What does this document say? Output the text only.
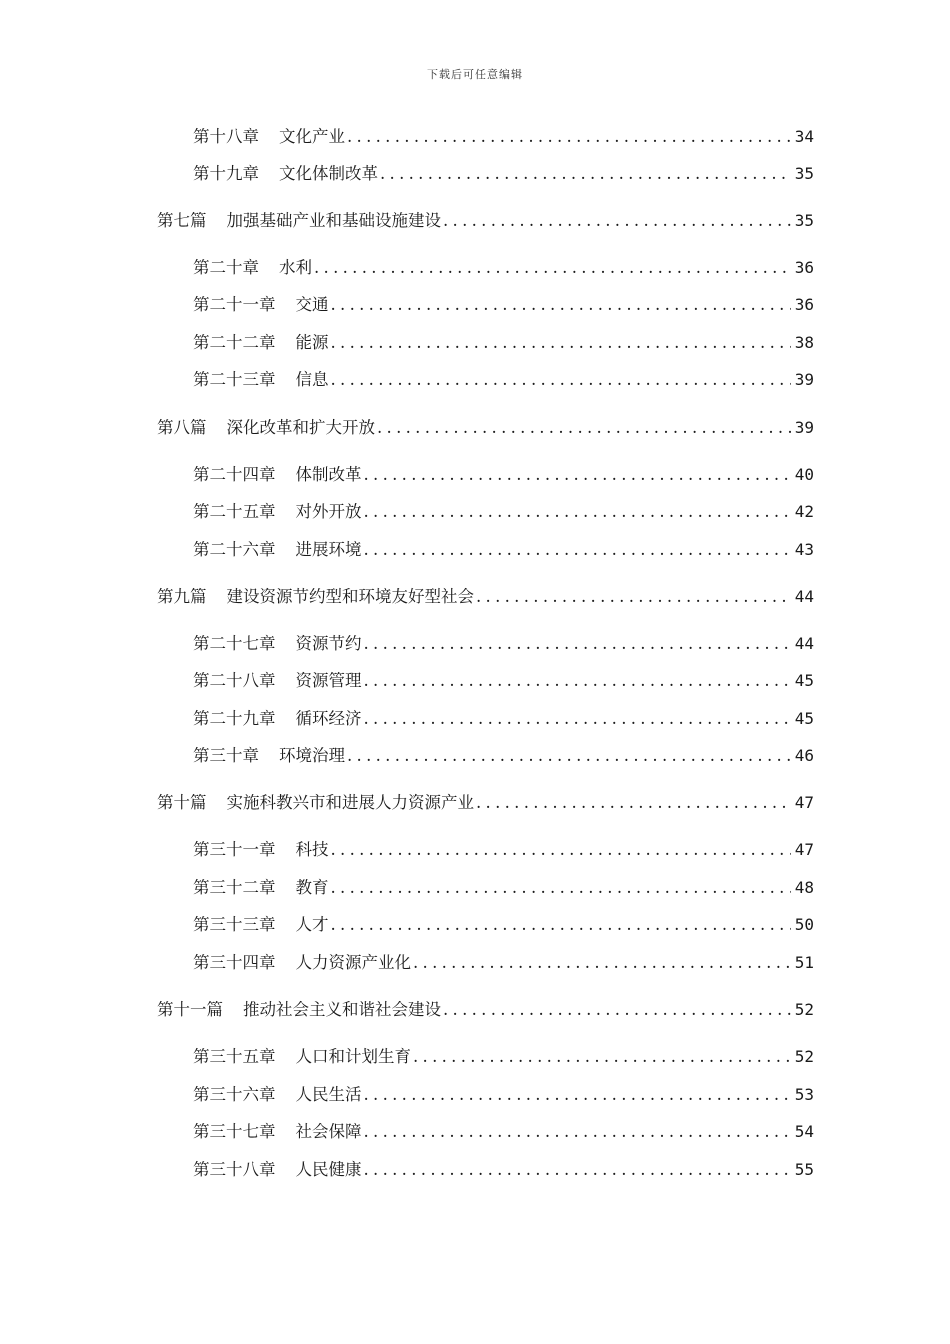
下载后可任意编辑
第十八章 文化产业 .....	34
第十九章 文化体制改革 .....	35
第七篇 加强基础产业和基础设施建设 .....	35
第二十章 水利 .....	36
第二十一章 交通 .....	36
第二十二章 能源 .....	38
第二十三章 信息 .....	39
第八篇 深化改革和扩大开放 .....	39
第二十四章 体制改革 .....	40
第二十五章 对外开放 .....	42
第二十六章 进展环境 .....	43
第九篇 建设资源节约型和环境友好型社会 .....	44
第二十七章 资源节约 .....	44
第二十八章 资源管理 .....	45
第二十九章 循环经济 .....	45
第三十章 环境治理 .....	46
第十篇 实施科教兴市和进展人力资源产业 .....	47
第三十一章 科技 .....	47
第三十二章 教育 .....	48
第三十三章 人才 .....	50
第三十四章 人力资源产业化 .....	51
第十一篇 推动社会主义和谐社会建设 .....	52
第三十五章 人口和计划生育 .....	52
第三十六章 人民生活 .....	53
第三十七章 社会保障 .....	54
第三十八章 人民健康 .....	55
